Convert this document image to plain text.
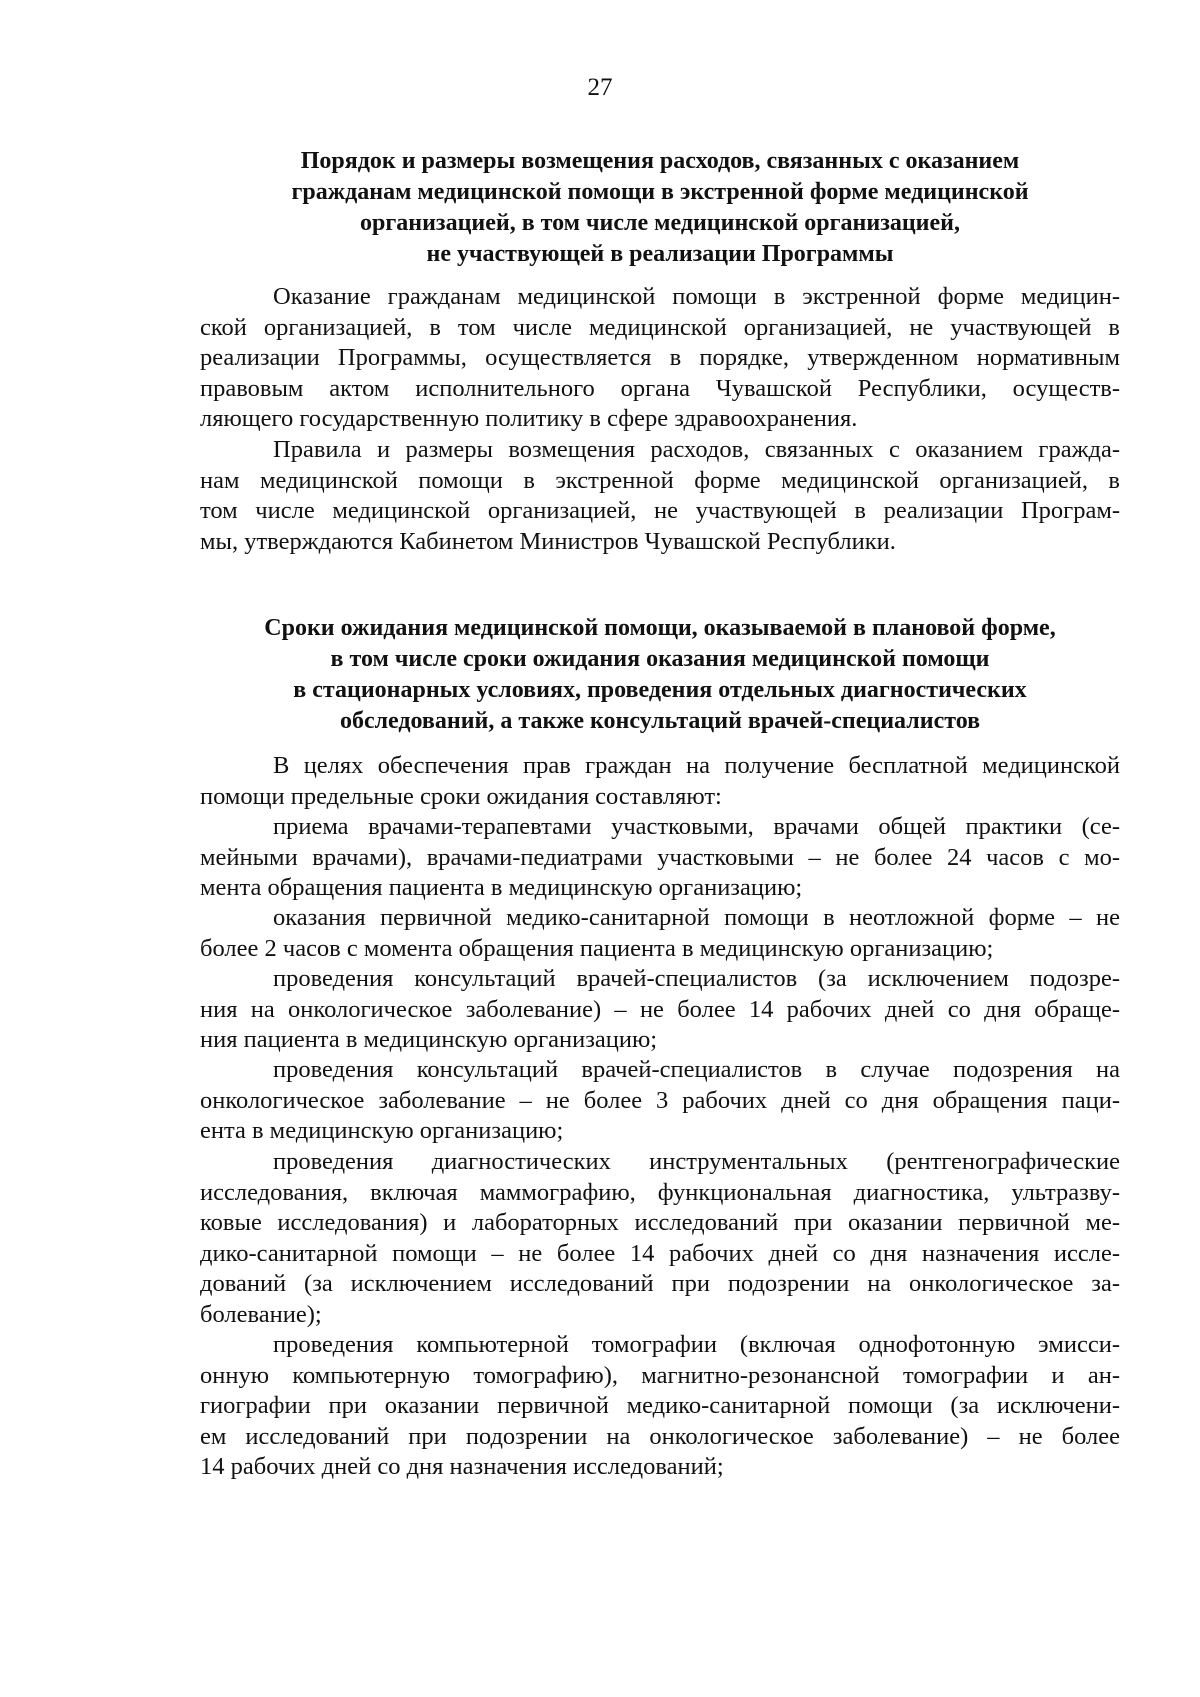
27
Порядок и размеры возмещения расходов, связанных с оказанием
гражданам медицинской помощи в экстренной форме медицинской
организацией, в том числе медицинской организацией,
не участвующей в реализации Программы
Оказание гражданам медицинской помощи в экстренной форме медицин-
ской организацией, в том числе медицинской организацией, не участвующей в
реализации Программы, осуществляется в порядке, утвержденном нормативным
правовым актом исполнительного органа Чувашской Республики, осуществ-
ляющего государственную политику в сфере здравоохранения.
Правила и размеры возмещения расходов, связанных с оказанием гражда-
нам медицинской помощи в экстренной форме медицинской организацией, в
том числе медицинской организацией, не участвующей в реализации Програм-
мы, утверждаются Кабинетом Министров Чувашской Республики.
Сроки ожидания медицинской помощи, оказываемой в плановой форме,
в том числе сроки ожидания оказания медицинской помощи
в стационарных условиях, проведения отдельных диагностических
обследований, а также консультаций врачей-специалистов
В целях обеспечения прав граждан на получение бесплатной медицинской
помощи предельные сроки ожидания составляют:
приема врачами-терапевтами участковыми, врачами общей практики (се-
мейными врачами), врачами-педиатрами участковыми – не более 24 часов с мо-
мента обращения пациента в медицинскую организацию;
оказания первичной медико-санитарной помощи в неотложной форме – не
более 2 часов с момента обращения пациента в медицинскую организацию;
проведения консультаций врачей-специалистов (за исключением подозре-
ния на онкологическое заболевание) – не более 14 рабочих дней со дня обраще-
ния пациента в медицинскую организацию;
проведения консультаций врачей-специалистов в случае подозрения на
онкологическое заболевание – не более 3 рабочих дней со дня обращения паци-
ента в медицинскую организацию;
проведения диагностических инструментальных (рентгенографические
исследования, включая маммографию, функциональная диагностика, ультразву-
ковые исследования) и лабораторных исследований при оказании первичной ме-
дико-санитарной помощи – не более 14 рабочих дней со дня назначения иссле-
дований (за исключением исследований при подозрении на онкологическое за-
болевание);
проведения компьютерной томографии (включая однофотонную эмисси-
онную компьютерную томографию), магнитно-резонансной томографии и ан-
гиографии при оказании первичной медико-санитарной помощи (за исключени-
ем исследований при подозрении на онкологическое заболевание) – не более
14 рабочих дней со дня назначения исследований;
